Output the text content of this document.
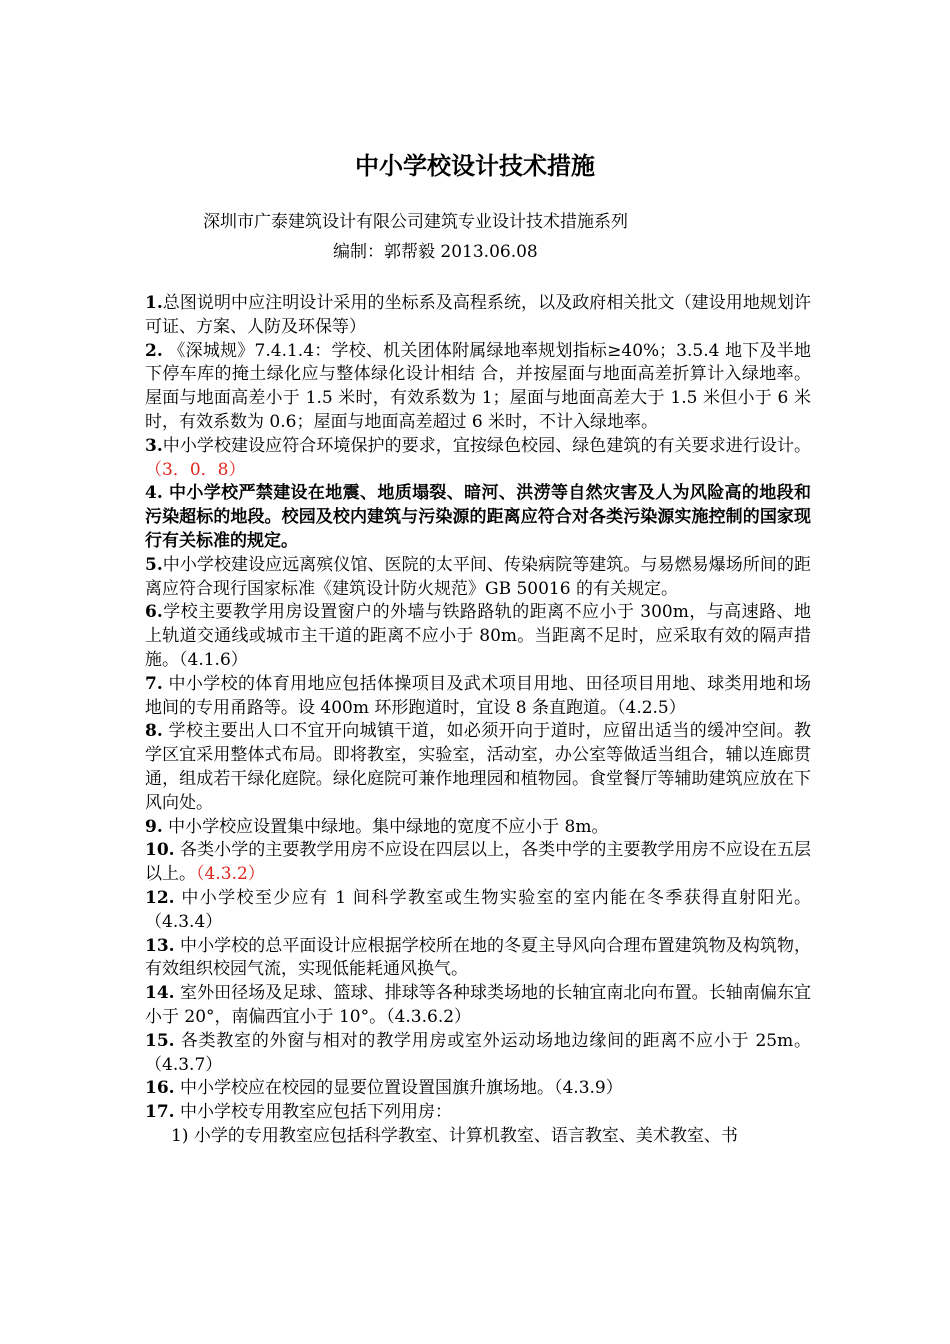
中小学校设计技术措施
深圳市广泰建筑设计有限公司建筑专业设计技术措施系列
编制：郭帮毅 2013.06.08

1.总图说明中应注明设计采用的坐标系及高程系统，以及政府相关批文（建设用地规划许可证、方案、人防及环保等）

2. 《深城规》7.4.1.4：学校、机关团体附属绿地率规划指标≥40%；3.5.4 地下及半地下停车库的掩土绿化应与整体绿化设计相结 合，并按屋面与地面高差折算计入绿地率。屋面与地面高差小于 1.5 米时，有效系数为 1；屋面与地面高差大于 1.5 米但小于 6 米时，有效系数为 0.6；屋面与地面高差超过 6 米时，不计入绿地率。

3.中小学校建设应符合环境保护的要求，宜按绿色校园、绿色建筑的有关要求进行设计。（3．0．8）

4. 中小学校严禁建设在地震、地质塌裂、暗河、洪涝等自然灾害及人为风险高的地段和污染超标的地段。校园及校内建筑与污染源的距离应符合对各类污染源实施控制的国家现行有关标准的规定。

5.中小学校建设应远离殡仪馆、医院的太平间、传染病院等建筑。与易燃易爆场所间的距离应符合现行国家标准《建筑设计防火规范》GB 50016 的有关规定。

6.学校主要教学用房设置窗户的外墙与铁路路轨的距离不应小于 300m，与高速路、地上轨道交通线或城市主干道的距离不应小于 80m。当距离不足时，应采取有效的隔声措施。（4.1.6）

7. 中小学校的体育用地应包括体操项目及武术项目用地、田径项目用地、球类用地和场地间的专用甬路等。设 400m 环形跑道时，宜设 8 条直跑道。（4.2.5）

8. 学校主要出人口不宜开向城镇干道，如必须开向于道时，应留出适当的缓冲空间。教学区宜采用整体式布局。即将教室，实验室，活动室，办公室等做适当组合，辅以连廊贯通，组成若干绿化庭院。绿化庭院可兼作地理园和植物园。食堂餐厅等辅助建筑应放在下风向处。

9. 中小学校应设置集中绿地。集中绿地的宽度不应小于 8m。

10. 各类小学的主要教学用房不应设在四层以上，各类中学的主要教学用房不应设在五层以上。（4.3.2）

12. 中小学校至少应有 1 间科学教室或生物实验室的室内能在冬季获得直射阳光。（4.3.4）

13. 中小学校的总平面设计应根据学校所在地的冬夏主导风向合理布置建筑物及构筑物，有效组织校园气流，实现低能耗通风换气。

14. 室外田径场及足球、篮球、排球等各种球类场地的长轴宜南北向布置。长轴南偏东宜小于 20°，南偏西宜小于 10°。（4.3.6.2）

15. 各类教室的外窗与相对的教学用房或室外运动场地边缘间的距离不应小于 25m。（4.3.7）

16. 中小学校应在校园的显要位置设置国旗升旗场地。（4.3.9）

17. 中小学校专用教室应包括下列用房：

1) 小学的专用教室应包括科学教室、计算机教室、语言教室、美术教室、书
